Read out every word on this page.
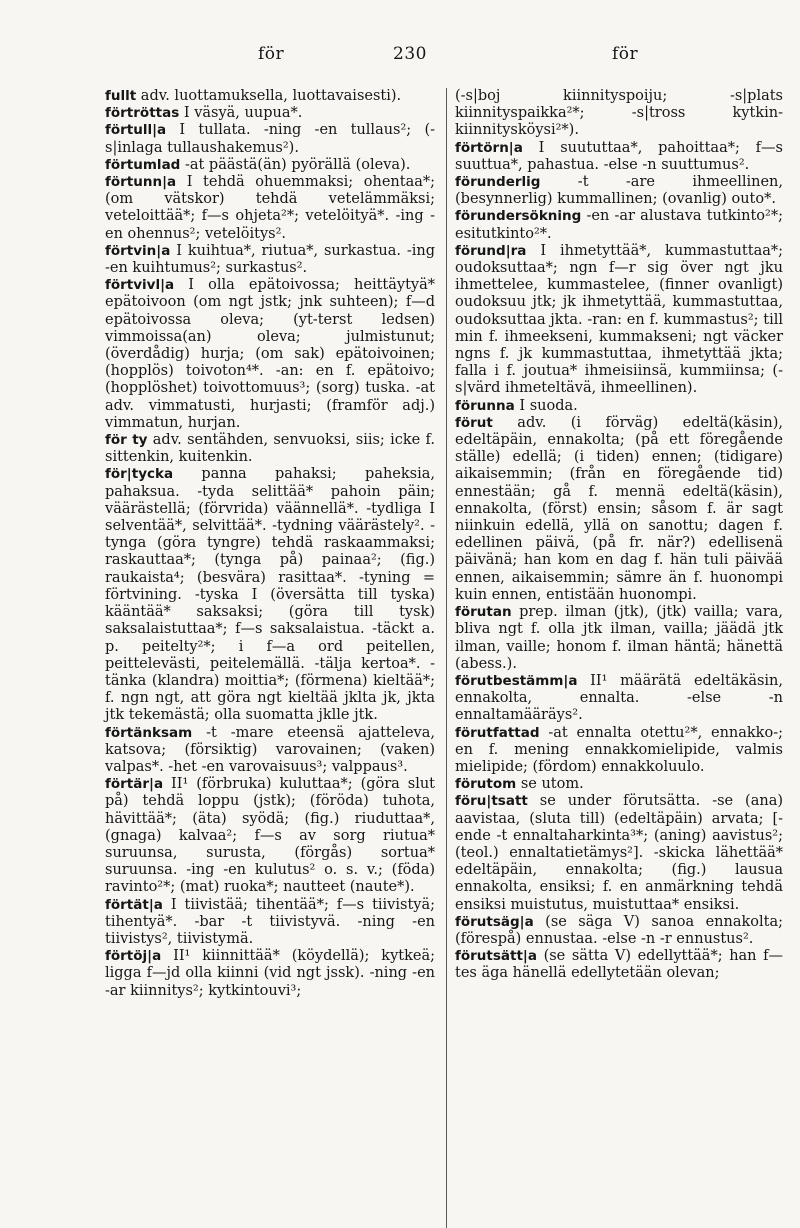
för	230	för

fullt adv. luottamuksella, luottavaisesti).

förtröttas I väsyä, uupua*.

förtull|a I tullata. -ning -en tullaus²; (-s|inlaga tullaushakemus²).

förtumlad -at päästä(än) pyörällä (oleva).

förtunn|a I tehdä ohuemmaksi; ohentaa*; (om vätskor) tehdä vetelämmäksi; veteloittää*; f—s ohjeta²*; vetelöityä*. -ing -en ohennus²; vetelöitys².

förtvin|a I kuihtua*, riutua*, surkastua. -ing -en kuihtumus²; surkastus².

förtvivl|a I olla epätoivossa; heittäytyä* epätoivoon (om ngt jstk; jnk suhteen); f—d epätoivossa oleva; (yt-terst ledsen) vimmoissa(an) oleva; julmistunut; (överdådig) hurja; (om sak) epätoivoinen; (hopplös) toivoton⁴*. -an: en f. epätoivo; (hopplöshet) toivottomuus³; (sorg) tuska. -at adv. vimmatusti, hurjasti; (framför adj.) vimmatun, hurjan.

för ty adv. sentähden, senvuoksi, siis; icke f. sittenkin, kuitenkin.

för|tycka panna pahaksi; paheksia, pahaksua. -tyda selittää* pahoin päin; väärästellä; (förvrida) väännellä*. -tydliga I selventää*, selvittää*. -tydning väärästely². -tynga (göra tyngre) tehdä raskaammaksi; raskauttaa*; (tynga på) painaa²; (fig.) raukaista⁴; (besvära) rasittaa*. -tyning = förtvining. -tyska I (översätta till tyska) kääntää* saksaksi; (göra till tysk) saksalaistuttaa*; f—s saksalaistua. -täckt a. p. peitelty²*; i f—a ord peitellen, peittelevästi, peitelemällä. -tälja kertoa*. -tänka (klandra) moittia*; (förmena) kieltää*; f. ngn ngt, att göra ngt kieltää jklta jk, jkta jtk tekemästä; olla suomatta jklle jtk.

förtänksam -t -mare eteensä ajatteleva, katsova; (försiktig) varovainen; (vaken) valpas*. -het -en varovaisuus³; valppaus³.

förtär|a II¹ (förbruka) kuluttaa*; (göra slut på) tehdä loppu (jstk); (föröda) tuhota, hävittää*; (äta) syödä; (fig.) riuduttaa*, (gnaga) kalvaa²; f—s av sorg riutua* suruunsa, surusta, (förgås) sortua* suruunsa. -ing -en kulutus² o. s. v.; (föda) ravinto²*; (mat) ruoka*; nautteet (naute*).

förtät|a I tiivistää; tihentää*; f—s tiivistyä; tihentyä*. -bar -t tiivistyvä. -ning -en tiivistys², tiivistymä.

förtöj|a II¹ kiinnittää* (köydellä); kytkeä; ligga f—jd olla kiinni (vid ngt jssk). -ning -en -ar kiinnitys²; kytkintouvi³;

(-s|boj kiinnityspoiju; -s|plats kiinnityspaikka²*; -s|tross kytkin-kiinnitysköysi²*).

förtörn|a I suututtaa*, pahoittaa*; f—s suuttua*, pahastua. -else -n suuttumus².

förunderlig -t -are ihmeellinen, (besynnerlig) kummallinen; (ovanlig) outo*.

förundersökning -en -ar alustava tutkinto²*; esitutkinto²*.

förund|ra I ihmetyttää*, kummastuttaa*; oudoksuttaa*; ngn f—r sig över ngt jku ihmettelee, kummastelee, (finner ovanligt) oudoksuu jtk; jk ihmetyttää, kummastuttaa, oudoksuttaa jkta. -ran: en f. kummastus²; till min f. ihmeekseni, kummakseni; ngt väcker ngns f. jk kummastuttaa, ihmetyttää jkta; falla i f. joutua* ihmeisiinsä, kummiinsa; (-s|värd ihmeteltävä, ihmeellinen).

förunna I suoda.

förut adv. (i förväg) edeltä(käsin), edeltäpäin, ennakolta; (på ett föregående ställe) edellä; (i tiden) ennen; (tidigare) aikaisemmin; (från en föregående tid) ennestään; gå f. mennä edeltä(käsin), ennakolta, (först) ensin; såsom f. är sagt niinkuin edellä, yllä on sanottu; dagen f. edellinen päivä, (på fr. när?) edellisenä päivänä; han kom en dag f. hän tuli päivää ennen, aikaisemmin; sämre än f. huonompi kuin ennen, entistään huonompi.

förutan prep. ilman (jtk), (jtk) vailla; vara, bliva ngt f. olla jtk ilman, vailla; jäädä jtk ilman, vaille; honom f. ilman häntä; hänettä (abess.).

förutbestämm|a II¹ määrätä edeltäkäsin, ennakolta, ennalta. -else -n ennaltamääräys².

förutfattad -at ennalta otettu²*, ennakko-; en f. mening ennakkomielipide, valmis mielipide; (fördom) ennakkoluulo.

förutom se utom.

föru|tsatt se under förutsätta. -se (ana) aavistaa, (sluta till) (edeltäpäin) arvata; [-ende -t ennaltaharkinta³*; (aning) aavistus²; (teol.) ennaltatietämys²]. -skicka lähettää* edeltäpäin, ennakolta; (fig.) lausua ennakolta, ensiksi; f. en anmärkning tehdä ensiksi muistutus, muistuttaa* ensiksi.

förutsäg|a (se säga V) sanoa ennakolta; (förespå) ennustaa. -else -n -r ennustus².

förutsätt|a (se sätta V) edellyttää*; han f—tes äga hänellä edellytetään olevan;
